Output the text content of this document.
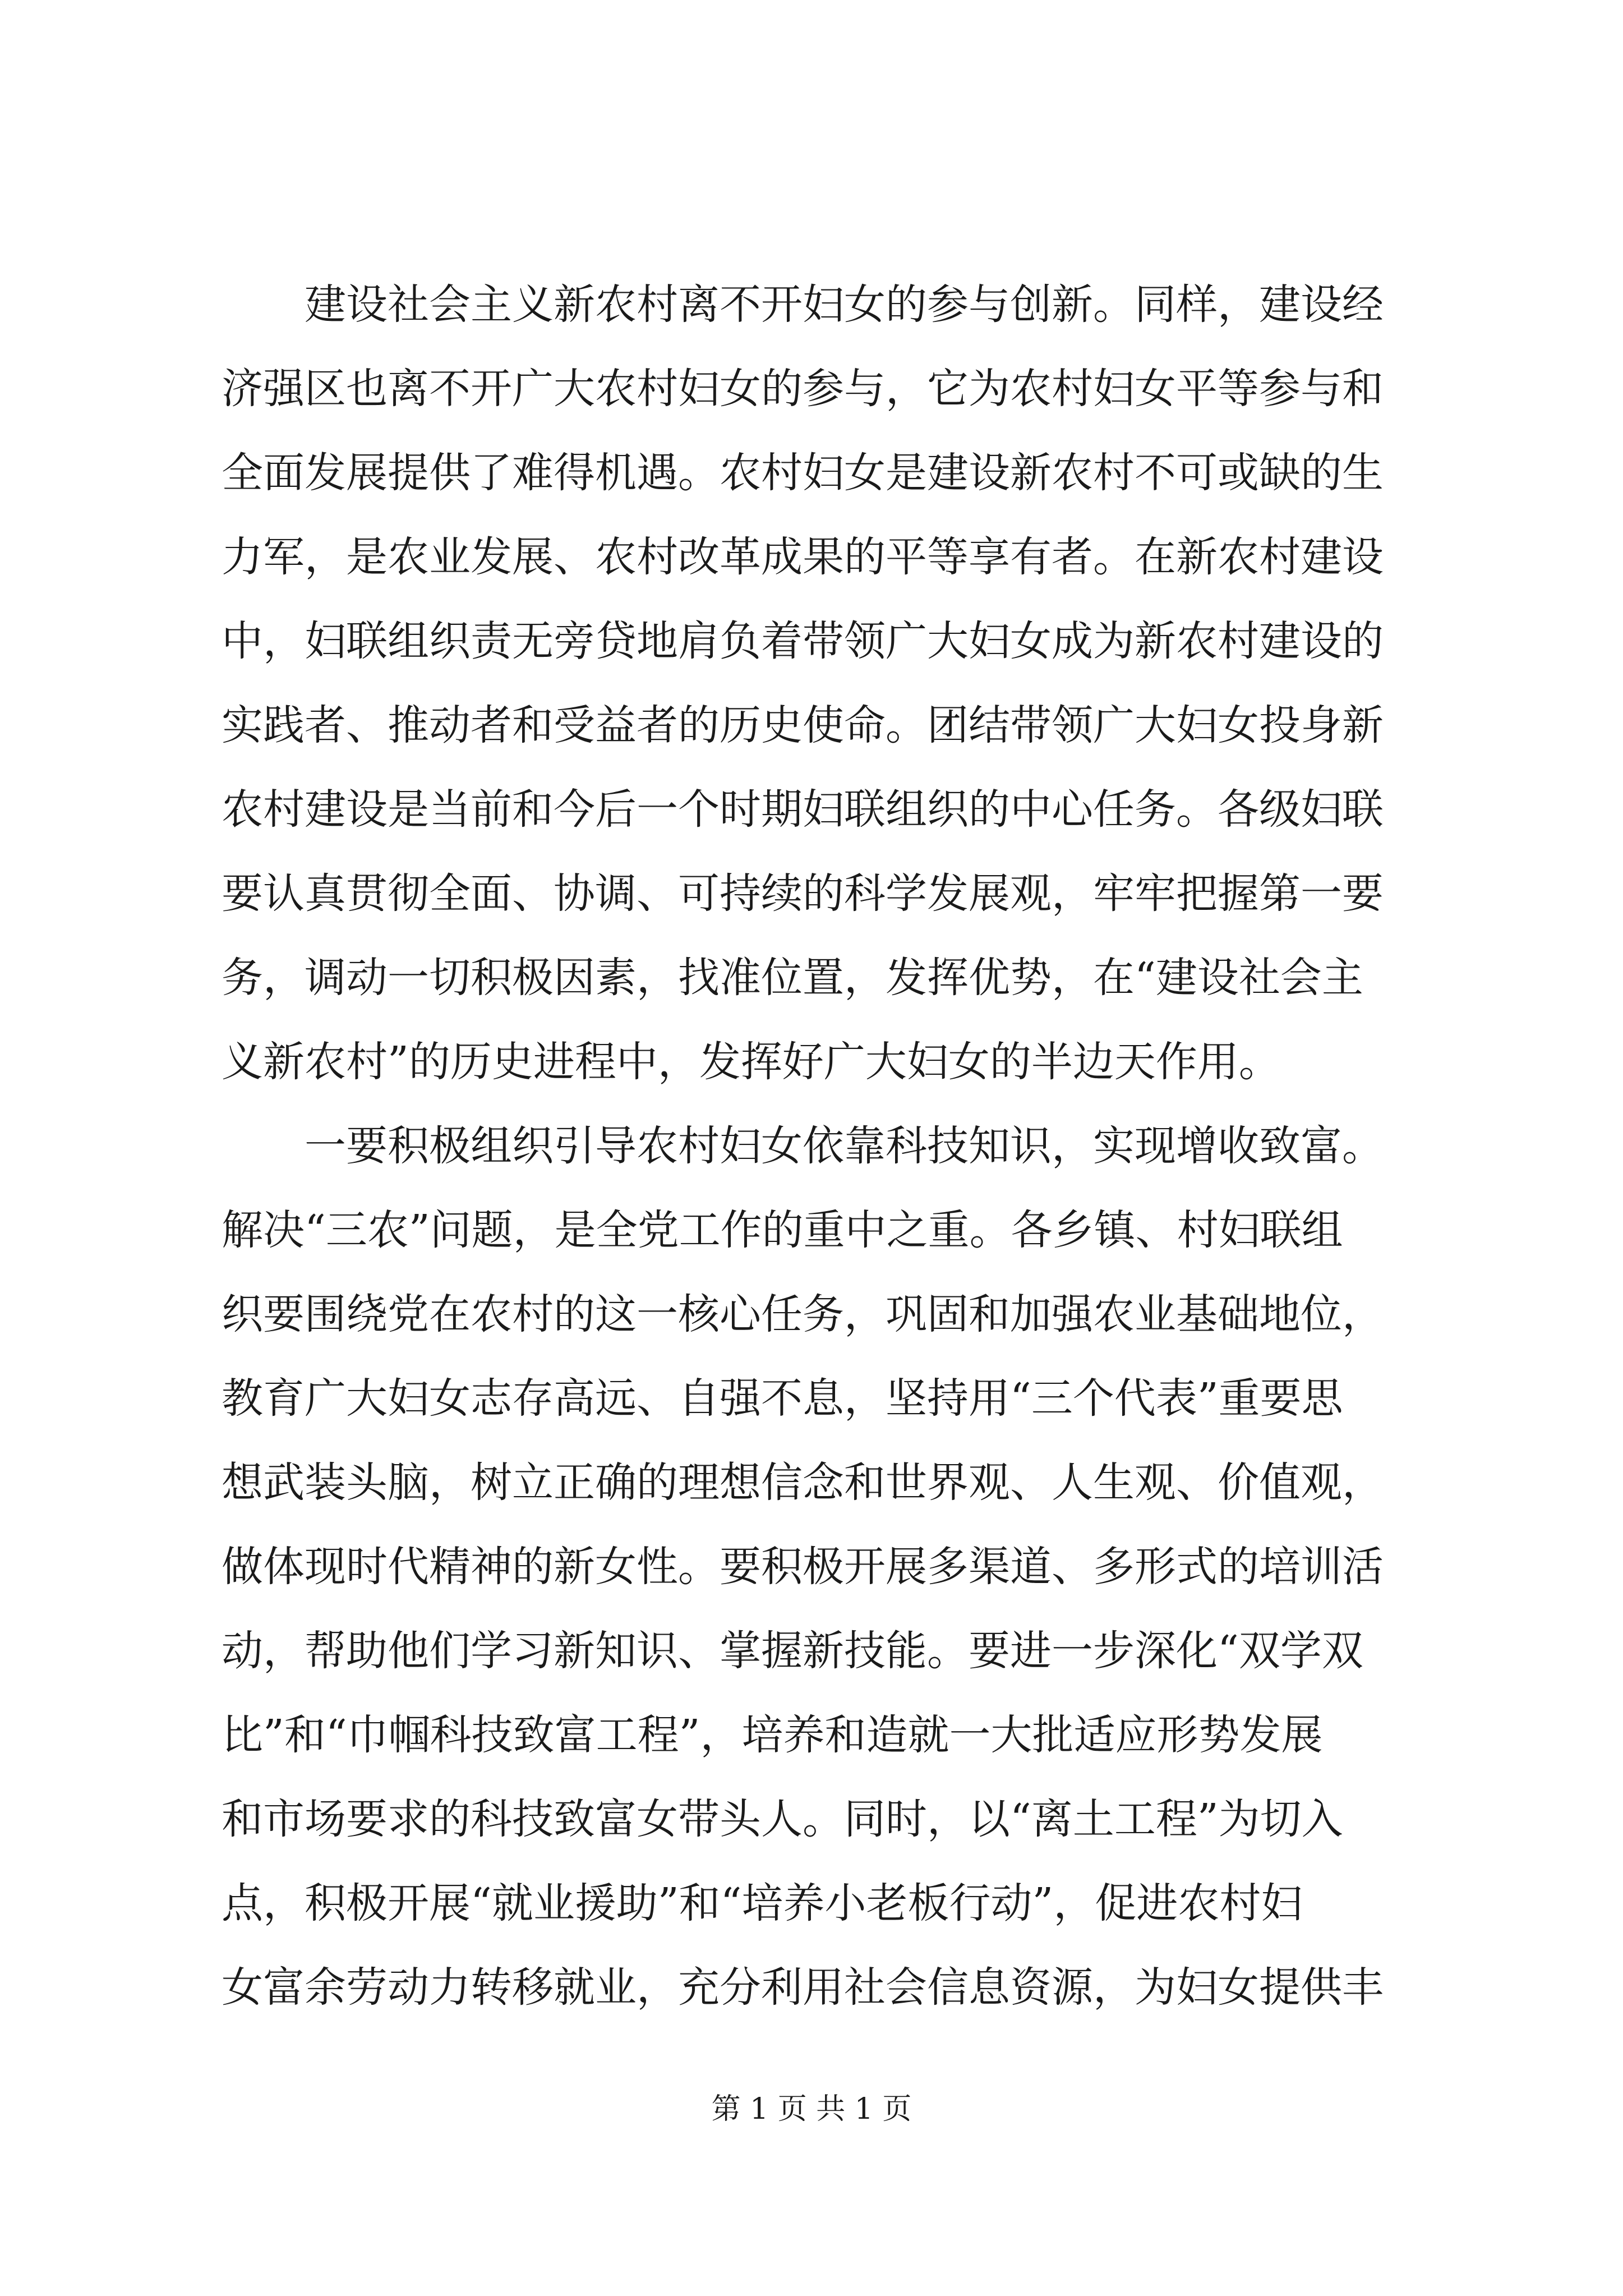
建设社会主义新农村离不开妇女的参与创新。同样，建设经
济强区也离不开广大农村妇女的参与，它为农村妇女平等参与和
全面发展提供了难得机遇。农村妇女是建设新农村不可或缺的生
力军，是农业发展、农村改革成果的平等享有者。在新农村建设
中，妇联组织责无旁贷地肩负着带领广大妇女成为新农村建设的
实践者、推动者和受益者的历史使命。团结带领广大妇女投身新
农村建设是当前和今后一个时期妇联组织的中心任务。各级妇联
要认真贯彻全面、协调、可持续的科学发展观，牢牢把握第一要
务，调动一切积极因素，找准位置，发挥优势，在“建设社会主
义新农村”的历史进程中，发挥好广大妇女的半边天作用。
一要积极组织引导农村妇女依靠科技知识，实现增收致富。
解决“三农”问题，是全党工作的重中之重。各乡镇、村妇联组
织要围绕党在农村的这一核心任务，巩固和加强农业基础地位，
教育广大妇女志存高远、自强不息，坚持用“三个代表”重要思
想武装头脑，树立正确的理想信念和世界观、人生观、价值观，
做体现时代精神的新女性。要积极开展多渠道、多形式的培训活
动，帮助他们学习新知识、掌握新技能。要进一步深化“双学双
比”和“巾帼科技致富工程”，培养和造就一大批适应形势发展
和市场要求的科技致富女带头人。同时，以“离土工程”为切入
点，积极开展“就业援助”和“培养小老板行动”，促进农村妇
女富余劳动力转移就业，充分利用社会信息资源，为妇女提供丰
第 1 页 共 1 页
